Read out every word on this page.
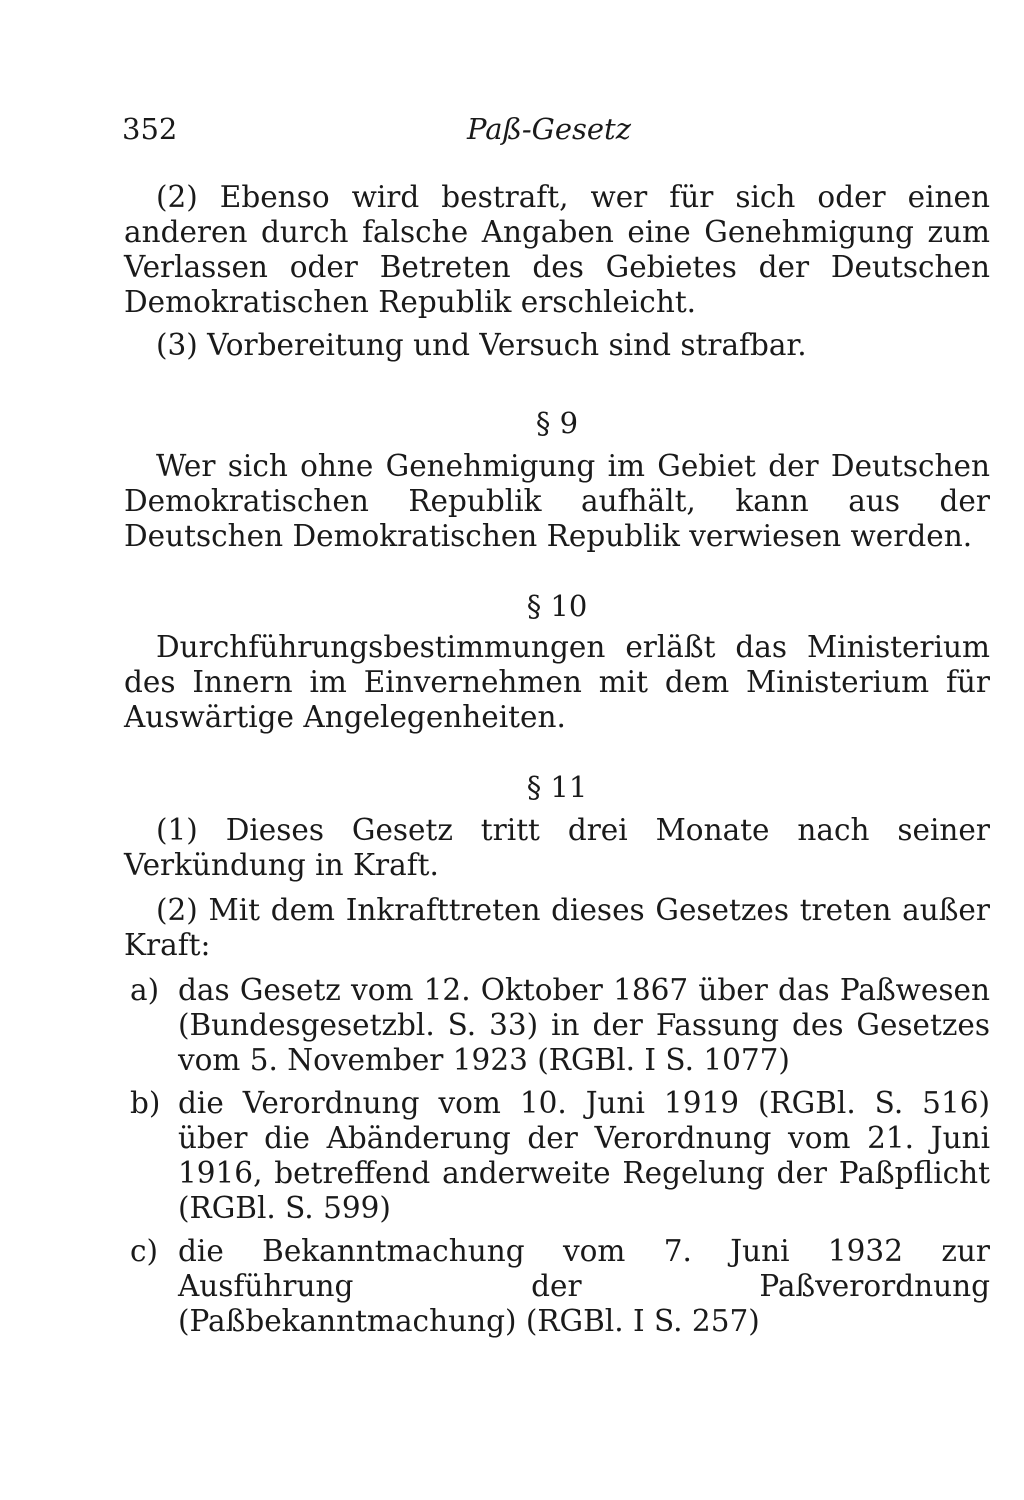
352	Paß-Gesetz

(2) Ebenso wird bestraft, wer für sich oder einen anderen durch falsche Angaben eine Genehmigung zum Verlassen oder Betreten des Gebietes der Deutschen Demokratischen Republik erschleicht.

(3) Vorbereitung und Versuch sind strafbar.

§ 9

Wer sich ohne Genehmigung im Gebiet der Deutschen Demokratischen Republik aufhält, kann aus der Deutschen Demokratischen Republik verwiesen werden.

§ 10

Durchführungsbestimmungen erläßt das Ministerium des Innern im Einvernehmen mit dem Ministerium für Auswärtige Angelegenheiten.

§ 11

(1) Dieses Gesetz tritt drei Monate nach seiner Verkündung in Kraft.

(2) Mit dem Inkrafttreten dieses Gesetzes treten außer Kraft:

a) das Gesetz vom 12. Oktober 1867 über das Paßwesen (Bundesgesetzbl. S. 33) in der Fassung des Gesetzes vom 5. November 1923 (RGBl. I S. 1077)
b) die Verordnung vom 10. Juni 1919 (RGBl. S. 516) über die Abänderung der Verordnung vom 21. Juni 1916, betreffend anderweite Regelung der Paßpflicht (RGBl. S. 599)
c) die Bekanntmachung vom 7. Juni 1932 zur Ausführung der Paßverordnung (Paßbekanntmachung) (RGBl. I S. 257)
